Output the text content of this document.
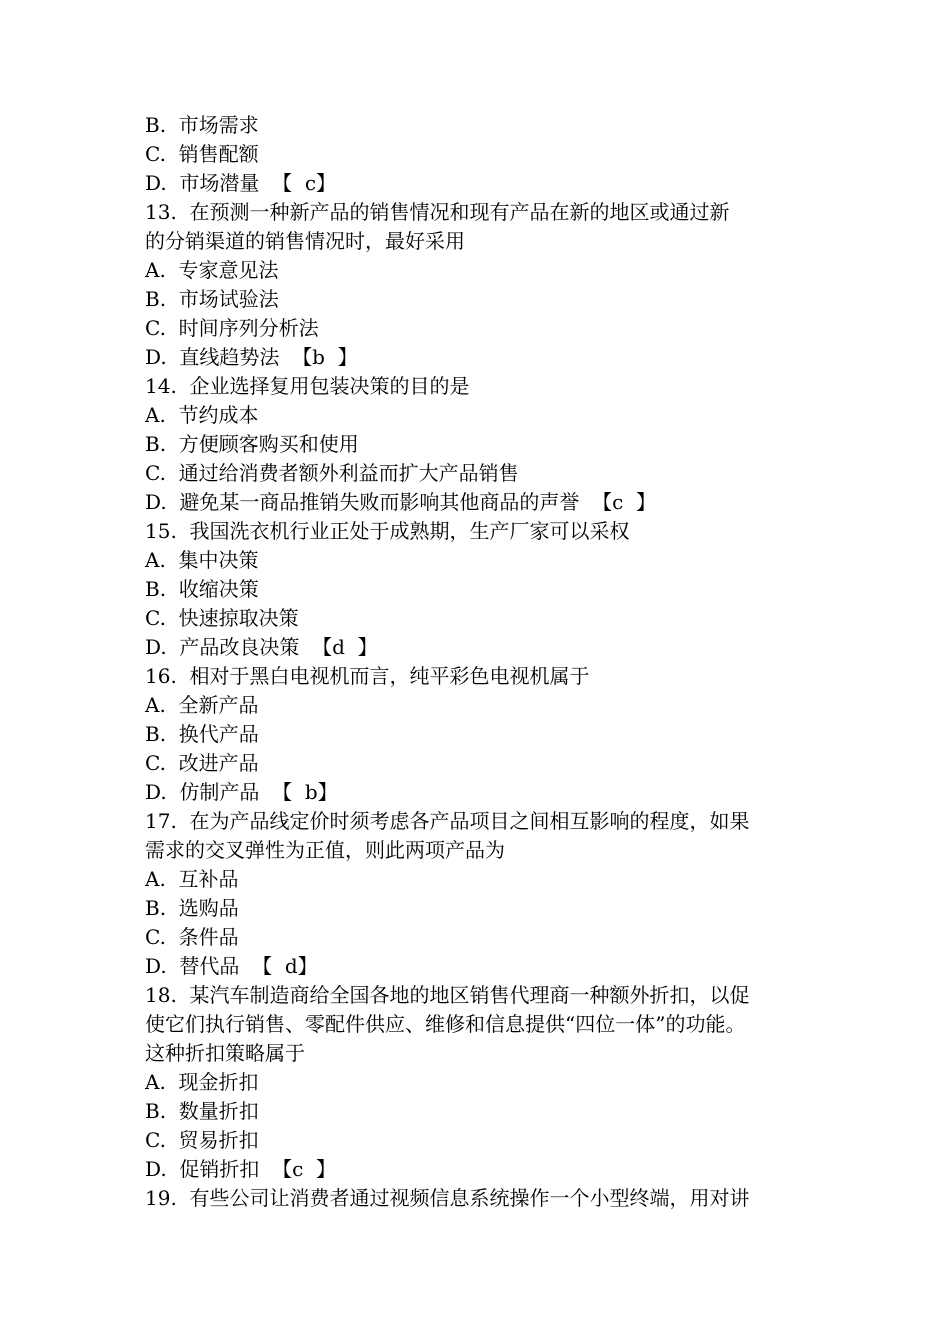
B.  市场需求
C.  销售配额
D.  市场潜量  【  c】
13.  在预测一种新产品的销售情况和现有产品在新的地区或通过新
的分销渠道的销售情况时，最好采用
A.  专家意见法
B.  市场试验法
C.  时间序列分析法
D.  直线趋势法  【b  】
14.  企业选择复用包装决策的目的是
A.  节约成本
B.  方便顾客购买和使用
C.  通过给消费者额外利益而扩大产品销售
D.  避免某一商品推销失败而影响其他商品的声誉  【c  】
15.  我国洗衣机行业正处于成熟期，生产厂家可以采权
A.  集中决策
B.  收缩决策
C.  快速掠取决策
D.  产品改良决策  【d  】
16.  相对于黑白电视机而言，纯平彩色电视机属于
A.  全新产品
B.  换代产品
C.  改进产品
D.  仿制产品  【  b】
17.  在为产品线定价时须考虑各产品项目之间相互影响的程度，如果
需求的交叉弹性为正值，则此两项产品为
A.  互补品
B.  选购品
C.  条件品
D.  替代品  【  d】
18.  某汽车制造商给全国各地的地区销售代理商一种额外折扣，以促
使它们执行销售、零配件供应、维修和信息提供“四位一体”的功能。
这种折扣策略属于
A.  现金折扣
B.  数量折扣
C.  贸易折扣
D.  促销折扣  【c  】
19.  有些公司让消费者通过视频信息系统操作一个小型终端，用对讲
